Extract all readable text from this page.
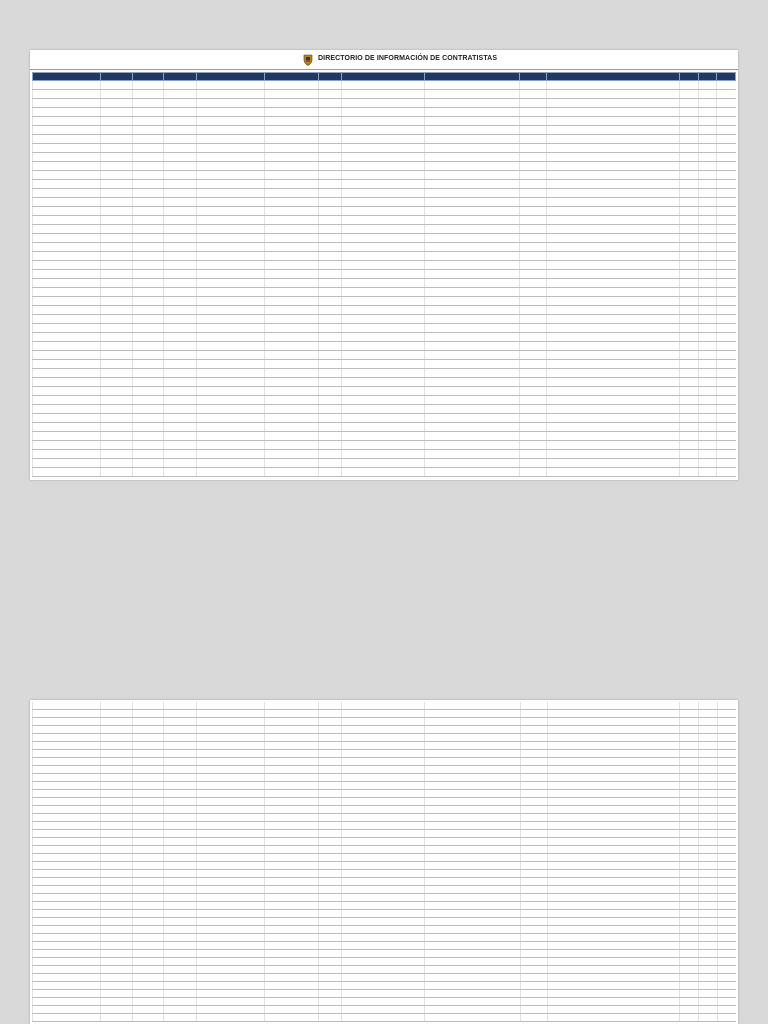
DIRECTORIO DE INFORMACIÓN DE CONTRATISTAS
